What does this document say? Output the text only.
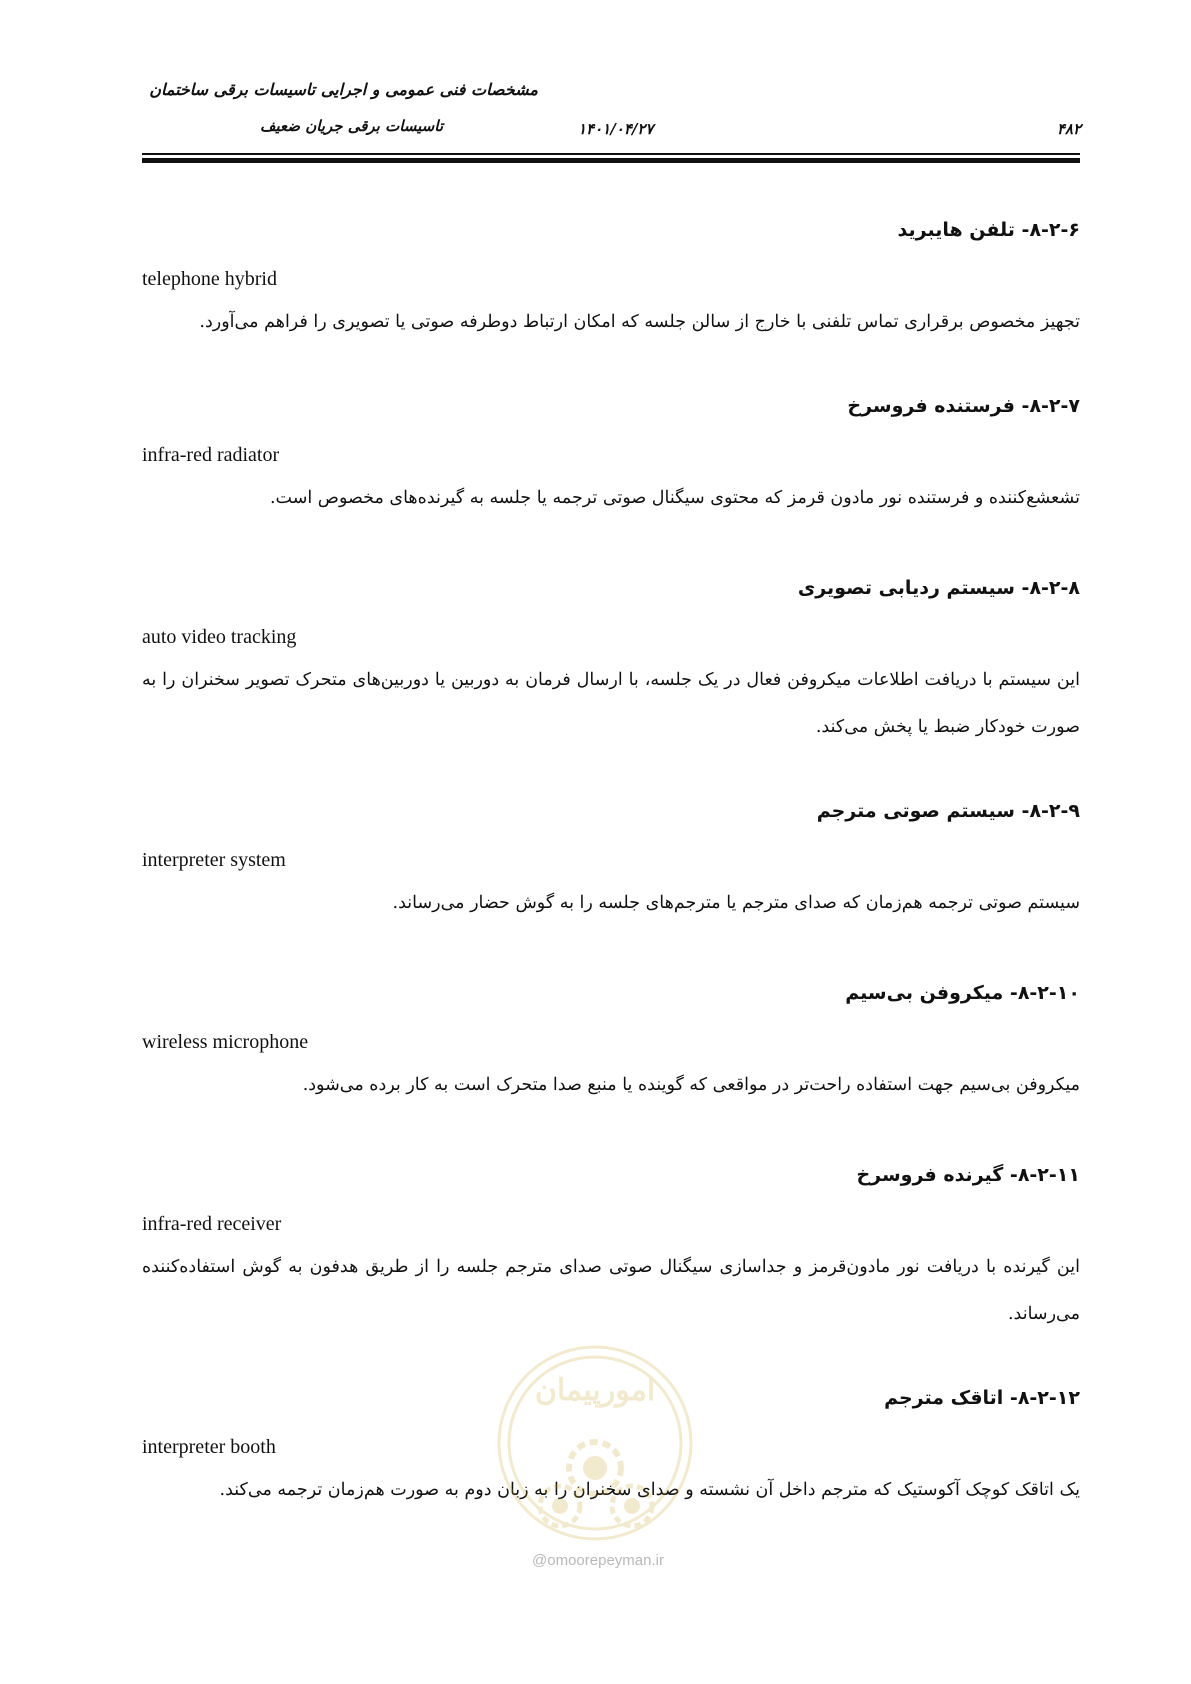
مشخصات فنی عمومی و اجرایی تاسیسات برقی ساختمان
تاسیسات برقی جریان ضعیف	۱۴۰۱/۰۴/۲۷	۴۸۲
۸-۲-۶- تلفن هایبرید
telephone hybrid

تجهیز مخصوص برقراری تماس تلفنی با خارج از سالن جلسه که امکان ارتباط دوطرفه صوتی یا تصویری را فراهم می‌آورد.

۸-۲-۷- فرستنده فروسرخ
infra-red radiator

تشعشع‌کننده و فرستنده نور مادون قرمز که محتوی سیگنال صوتی ترجمه یا جلسه به گیرنده‌های مخصوص است.

۸-۲-۸- سیستم ردیابی تصویری
auto video tracking

این سیستم با دریافت اطلاعات میکروفن فعال در یک جلسه، با ارسال فرمان به دوربین یا دوربین‌های متحرک تصویر سخنران را به صورت خودکار ضبط یا پخش می‌کند.

۸-۲-۹- سیستم صوتی مترجم
interpreter system

سیستم صوتی ترجمه هم‌زمان که صدای مترجم یا مترجم‌های جلسه را به گوش حضار می‌رساند.

۸-۲-۱۰- میکروفن بی‌سیم
wireless microphone

میکروفن بی‌سیم جهت استفاده راحت‌تر در مواقعی که گوینده یا منبع صدا متحرک است به کار برده می‌شود.

۸-۲-۱۱- گیرنده فروسرخ
infra-red receiver

این گیرنده با دریافت نور مادون‌قرمز و جداسازی سیگنال صوتی صدای مترجم جلسه را از طریق هدفون به گوش استفاده‌کننده می‌رساند.

۸-۲-۱۲- اتاقک مترجم
interpreter booth

یک اتاقک کوچک آکوستیک که مترجم داخل آن نشسته و صدای سخنران را به زبان دوم به صورت هم‌زمان ترجمه می‌کند.

امورپیمان
@omoorepeyman.ir
